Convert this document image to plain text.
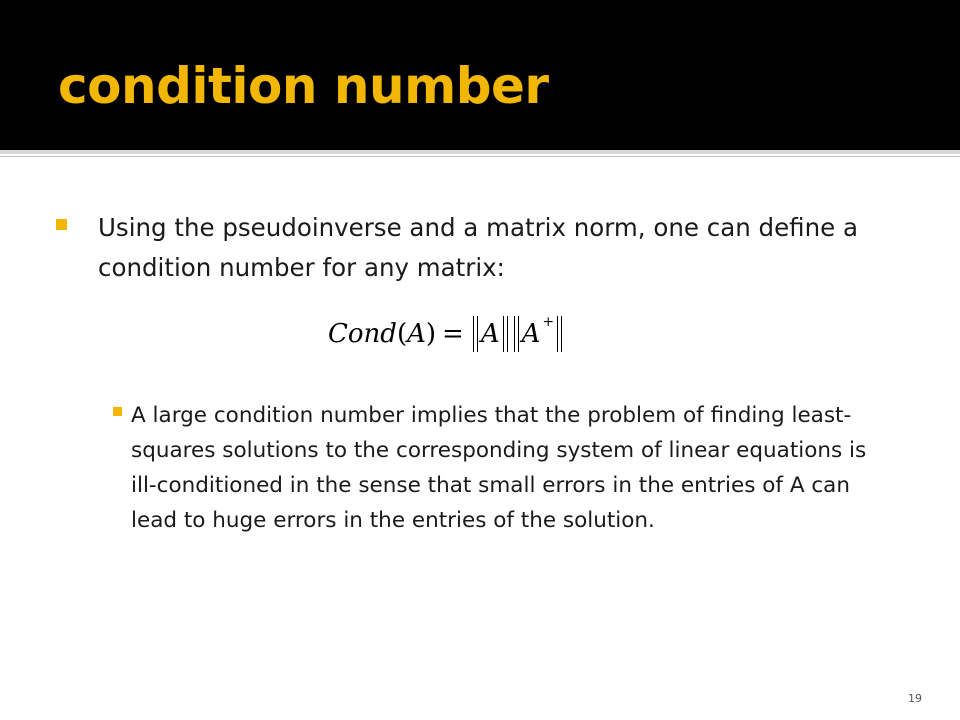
condition number
Using the pseudoinverse and a matrix norm, one can define a condition number for any matrix:
Cond ( A ) = A A +
A large condition number implies that the problem of finding least-squares solutions to the corresponding system of linear equations is ill-conditioned in the sense that small errors in the entries of A can lead to huge errors in the entries of the solution.
19
